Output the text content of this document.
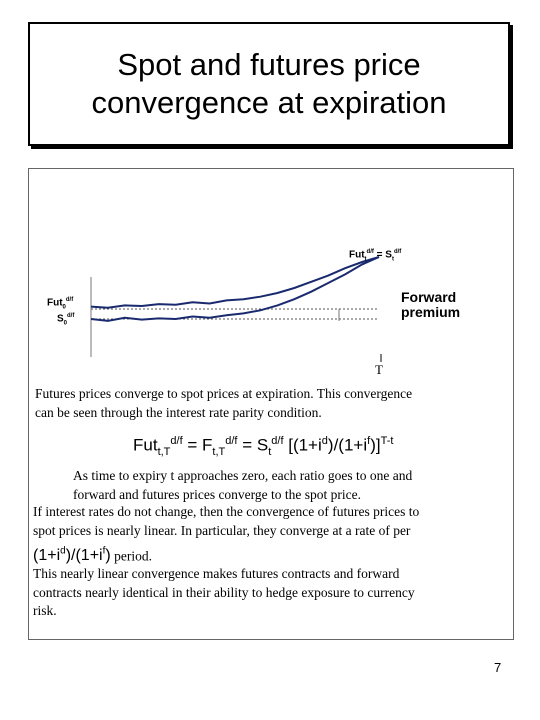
Spot and futures price
convergence at expiration
$Fut_t^{d/f} = S_t^{d/f}$
Fut$_0^{d/f}$
$S_0^{d/f}$
Forward
premium
T
Futures prices converge to spot prices at expiration. This convergence
can be seen through the interest rate parity condition.
$Fut_{t,T}^{d/f} = F_{t,T}^{d/f} = S_t^{d/f}$ $[(1+i^d)/(1+i^f)]^{T-t}$
As time to expiry t approaches zero, each ratio goes to one and
forward and futures prices converge to the spot price.
If interest rates do not change, then the convergence of futures prices to
spot prices is nearly linear. In particular, they converge at a rate of per
$(1+i^d)/(1+i^f)$ period.
This nearly linear convergence makes futures contracts and forward
contracts nearly identical in their ability to hedge exposure to currency
risk.
7
